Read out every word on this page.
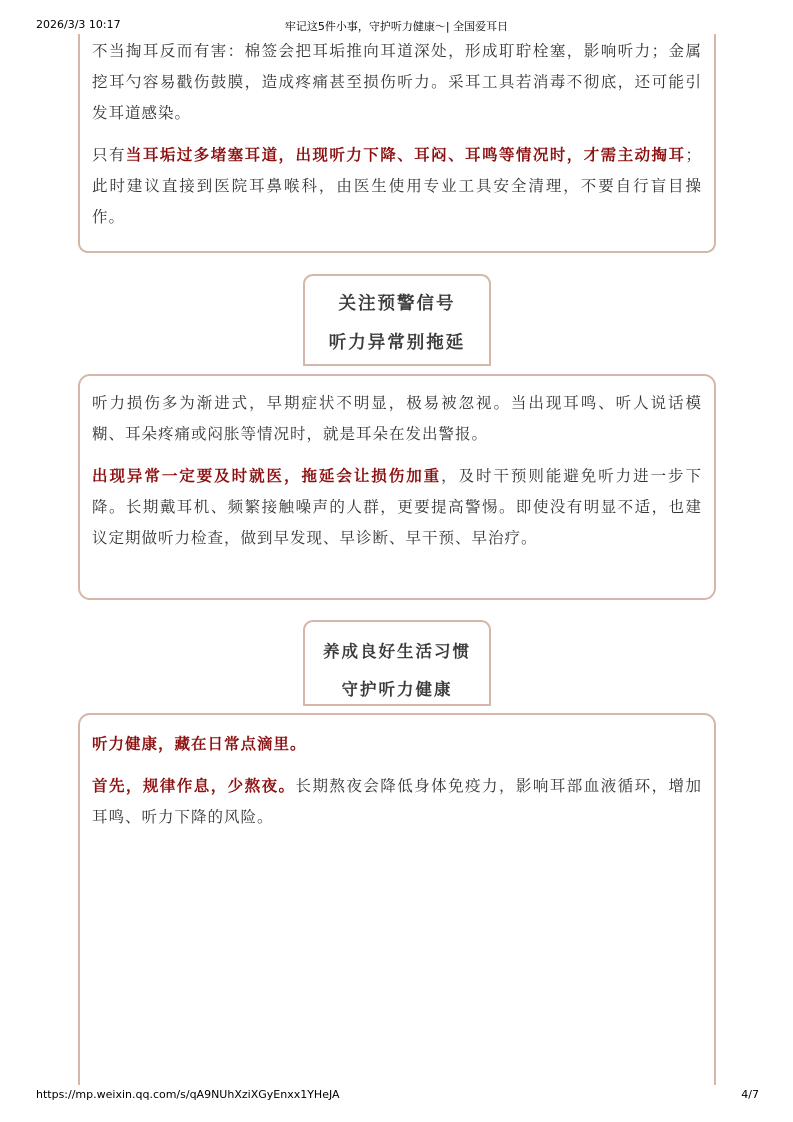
2026/3/3 10:17	牢记这5件小事，守护听力健康～| 全国爱耳日

不当掏耳反而有害：棉签会把耳垢推向耳道深处，形成耵聍栓塞，影响听力；金属挖耳勺容易戳伤鼓膜，造成疼痛甚至损伤听力。采耳工具若消毒不彻底，还可能引发耳道感染。

只有当耳垢过多堵塞耳道，出现听力下降、耳闷、耳鸣等情况时，才需主动掏耳；此时建议直接到医院耳鼻喉科，由医生使用专业工具安全清理，不要自行盲目操作。

关注预警信号
听力异常别拖延

听力损伤多为渐进式，早期症状不明显，极易被忽视。当出现耳鸣、听人说话模糊、耳朵疼痛或闷胀等情况时，就是耳朵在发出警报。

出现异常一定要及时就医，拖延会让损伤加重，及时干预则能避免听力进一步下降。长期戴耳机、频繁接触噪声的人群，更要提高警惕。即使没有明显不适，也建议定期做听力检查，做到早发现、早诊断、早干预、早治疗。

养成良好生活习惯
守护听力健康

听力健康，藏在日常点滴里。

首先，规律作息，少熬夜。长期熬夜会降低身体免疫力，影响耳部血液循环，增加耳鸣、听力下降的风险。

https://mp.weixin.qq.com/s/qA9NUhXziXGyEnxx1YHeJA	4/7
